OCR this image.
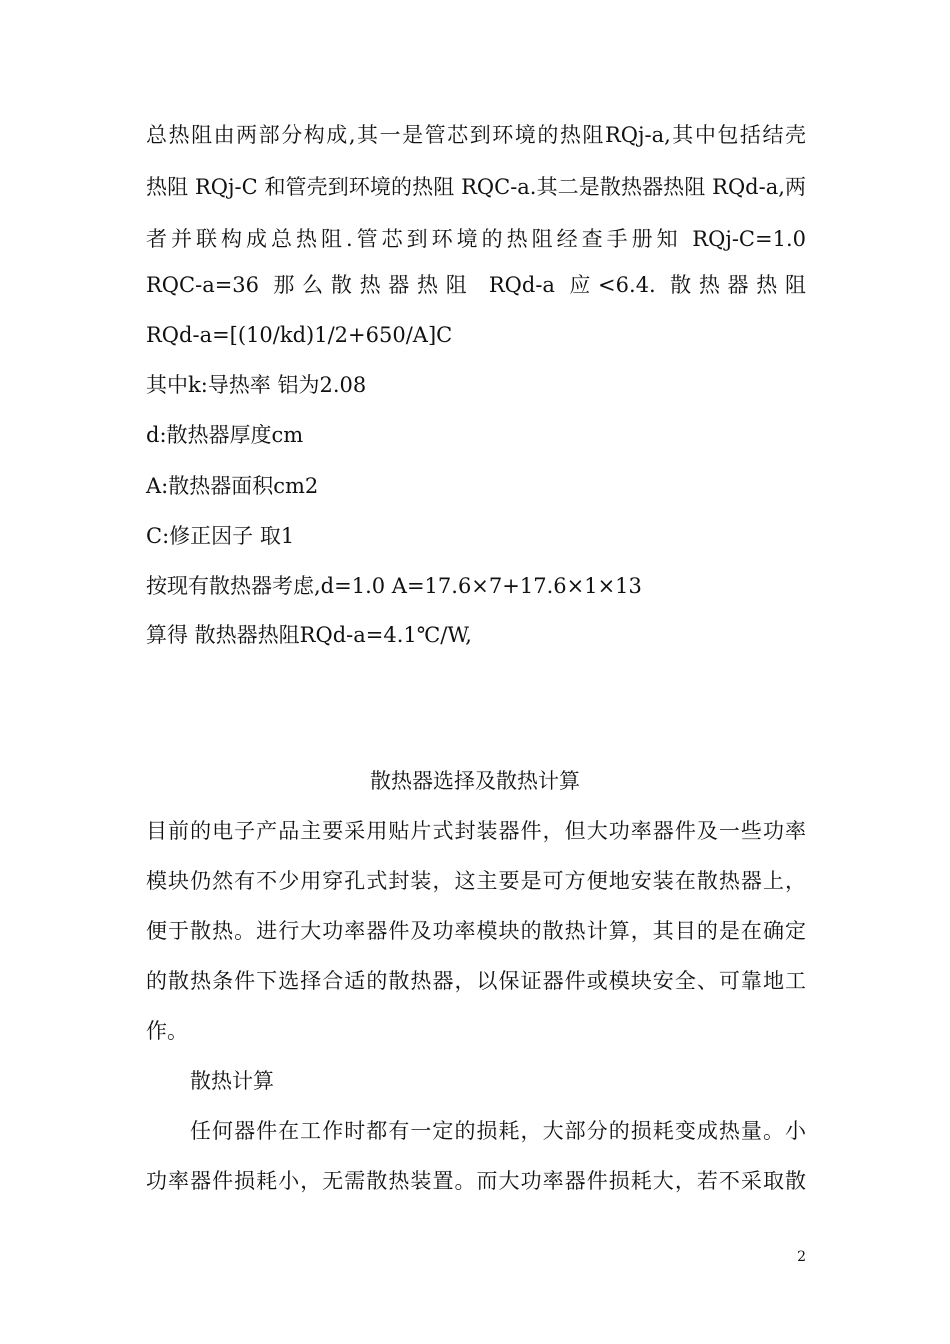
总热阻由两部分构成,其一是管芯到环境的热阻RQj-a,其中包括结壳
热阻 RQj-C 和管壳到环境的热阻 RQC-a.其二是散热器热阻 RQd-a,两
者并联构成总热阻.管芯到环境的热阻经查手册知 RQj-C=1.0
RQC-a=36 那么散热器热阻 RQd-a 应<6.4. 散热器热阻
RQd-a=[(10/kd)1/2+650/A]C
其中k:导热率 铝为2.08
d:散热器厚度cm
A:散热器面积cm2
C:修正因子 取1
按现有散热器考虑,d=1.0 A=17.6×7+17.6×1×13
算得 散热器热阻RQd-a=4.1℃/W,
散热器选择及散热计算
目前的电子产品主要采用贴片式封装器件，但大功率器件及一些功率
模块仍然有不少用穿孔式封装，这主要是可方便地安装在散热器上，
便于散热。进行大功率器件及功率模块的散热计算，其目的是在确定
的散热条件下选择合适的散热器，以保证器件或模块安全、可靠地工
作。
散热计算
任何器件在工作时都有一定的损耗，大部分的损耗变成热量。小
功率器件损耗小，无需散热装置。而大功率器件损耗大，若不采取散
2
